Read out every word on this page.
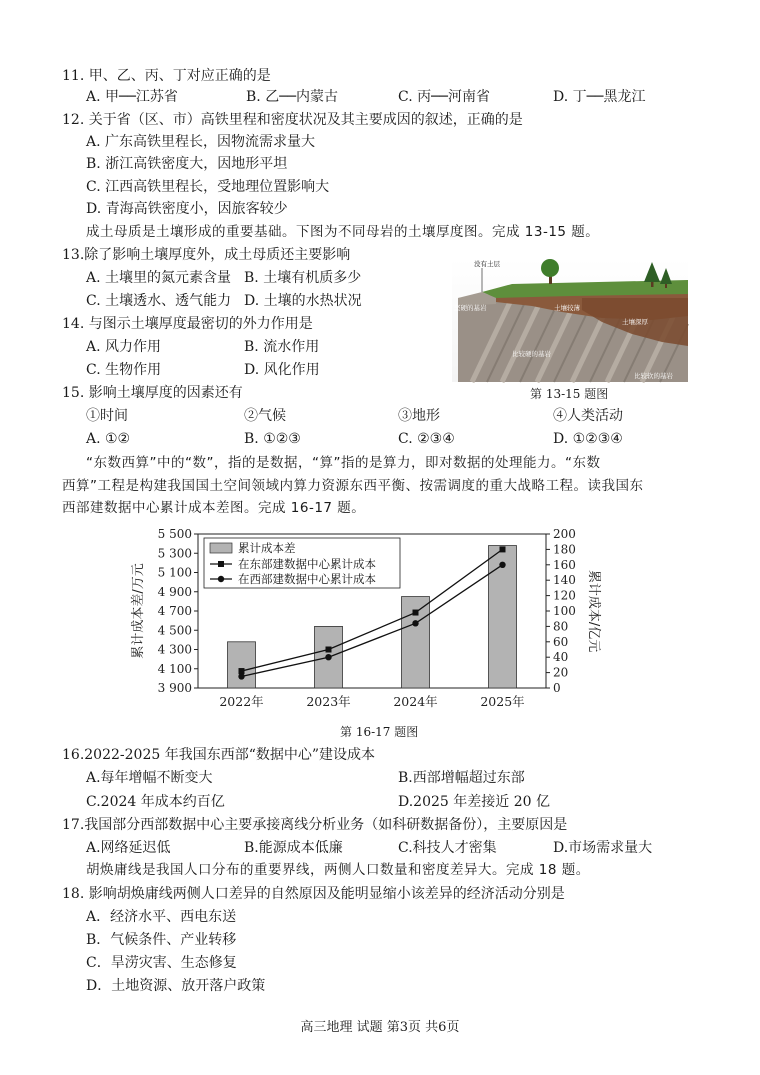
11. 甲、乙、丙、丁对应正确的是
A. 甲──江苏省	B. 乙──内蒙古	C. 丙──河南省	D. 丁──黑龙江
12. 关于省（区、市）高铁里程和密度状况及其主要成因的叙述，正确的是
A. 广东高铁里程长，因物流需求量大
B. 浙江高铁密度大，因地形平坦
C. 江西高铁里程长，受地理位置影响大
D. 青海高铁密度小，因旅客较少
成土母质是土壤形成的重要基础。下图为不同母岩的土壤厚度图。完成 13-15 题。
13.除了影响土壤厚度外，成土母质还主要影响
A. 土壤里的氮元素含量 B. 土壤有机质多少
C. 土壤透水、透气能力 D. 土壤的水热状况
14. 与图示土壤厚度最密切的外力作用是
A. 风力作用	B. 流水作用
C. 生物作用	D. 风化作用
没有土层
坚硬的基岩	土壤较薄
土壤深厚
比较硬的基岩
比较软的基岩
第 13-15 题图
15. 影响土壤厚度的因素还有
①时间	②气候	③地形	④人类活动
A. ①②	B. ①②③	C. ②③④	D. ①②③④
“东数西算”中的“数”，指的是数据，“算”指的是算力，即对数据的处理能力。“东数
西算”工程是构建我国国土空间领域内算力资源东西平衡、按需调度的重大战略工程。读我国东
西部建数据中心累计成本差图。完成 16-17 题。
3 900
4 100
4 300
4 500
4 700
4 900
5 100
5 300
5 500
0
20
40
60
80
100
120
140
160
180
200
2022年	2023年	2024年	2025年
累计成本差/万元	累计成本/亿元
累计成本差
在东部建数据中心累计成本
在西部建数据中心累计成本
第 16-17 题图
16.2022-2025 年我国东西部“数据中心”建设成本
A.每年增幅不断变大	B.西部增幅超过东部
C.2024 年成本约百亿	D.2025 年差接近 20 亿
17.我国部分西部数据中心主要承接离线分析业务（如科研数据备份），主要原因是
A.网络延迟低	B.能源成本低廉	C.科技人才密集	D.市场需求量大
胡焕庸线是我国人口分布的重要界线，两侧人口数量和密度差异大。完成 18 题。
18. 影响胡焕庸线两侧人口差异的自然原因及能明显缩小该差异的经济活动分别是
A．经济水平、西电东送
B．气候条件、产业转移
C．旱涝灾害、生态修复
D．土地资源、放开落户政策
高三地理 试题 第3页 共6页
